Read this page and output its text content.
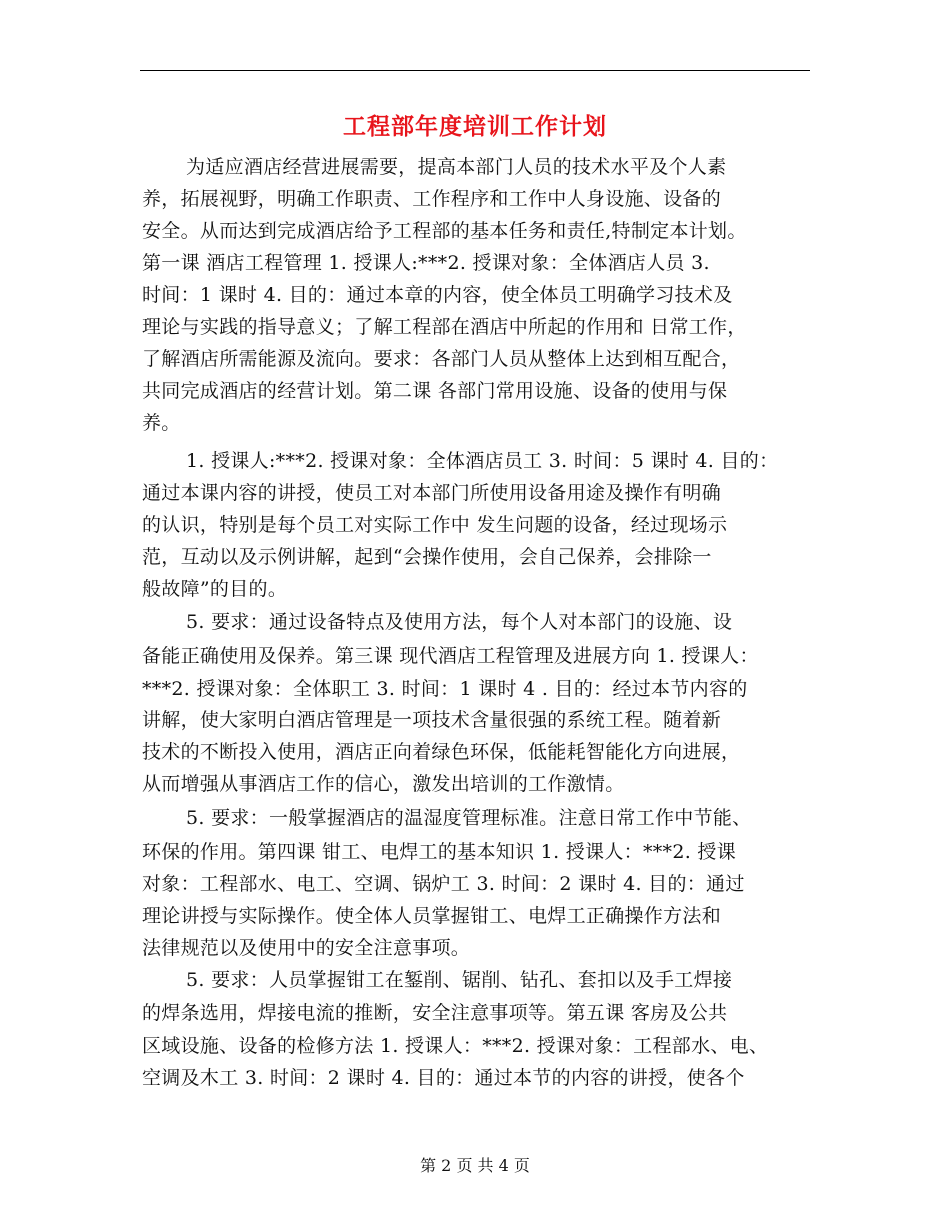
工程部年度培训工作计划
为适应酒店经营进展需要，提高本部门人员的技术水平及个人素
养，拓展视野，明确工作职责、工作程序和工作中人身设施、设备的
安全。从而达到完成酒店给予工程部的基本任务和责任,特制定本计划。
第一课 酒店工程管理 1. 授课人:***2. 授课对象：全体酒店人员 3.
时间：1 课时 4. 目的：通过本章的内容，使全体员工明确学习技术及
理论与实践的指导意义；了解工程部在酒店中所起的作用和 日常工作，
了解酒店所需能源及流向。要求：各部门人员从整体上达到相互配合，
共同完成酒店的经营计划。第二课 各部门常用设施、设备的使用与保
养。
1. 授课人:***2. 授课对象：全体酒店员工 3. 时间：5 课时 4. 目的：
通过本课内容的讲授，使员工对本部门所使用设备用途及操作有明确
的认识，特别是每个员工对实际工作中 发生问题的设备，经过现场示
范，互动以及示例讲解，起到“会操作使用，会自己保养，会排除一
般故障”的目的。
5. 要求：通过设备特点及使用方法，每个人对本部门的设施、设
备能正确使用及保养。第三课 现代酒店工程管理及进展方向 1. 授课人：
***2. 授课对象：全体职工 3. 时间：1 课时 4 . 目的：经过本节内容的
讲解，使大家明白酒店管理是一项技术含量很强的系统工程。随着新
技术的不断投入使用，酒店正向着绿色环保，低能耗智能化方向进展，
从而增强从事酒店工作的信心，激发出培训的工作激情。
5. 要求：一般掌握酒店的温湿度管理标准。注意日常工作中节能、
环保的作用。第四课 钳工、电焊工的基本知识 1. 授课人：***2. 授课
对象：工程部水、电工、空调、锅炉工 3. 时间：2 课时 4. 目的：通过
理论讲授与实际操作。使全体人员掌握钳工、电焊工正确操作方法和
法律规范以及使用中的安全注意事项。
5. 要求：人员掌握钳工在錾削、锯削、钻孔、套扣以及手工焊接
的焊条选用，焊接电流的推断，安全注意事项等。第五课 客房及公共
区域设施、设备的检修方法 1. 授课人：***2. 授课对象：工程部水、电、
空调及木工 3. 时间：2 课时 4. 目的：通过本节的内容的讲授，使各个
第 2 页 共 4 页
